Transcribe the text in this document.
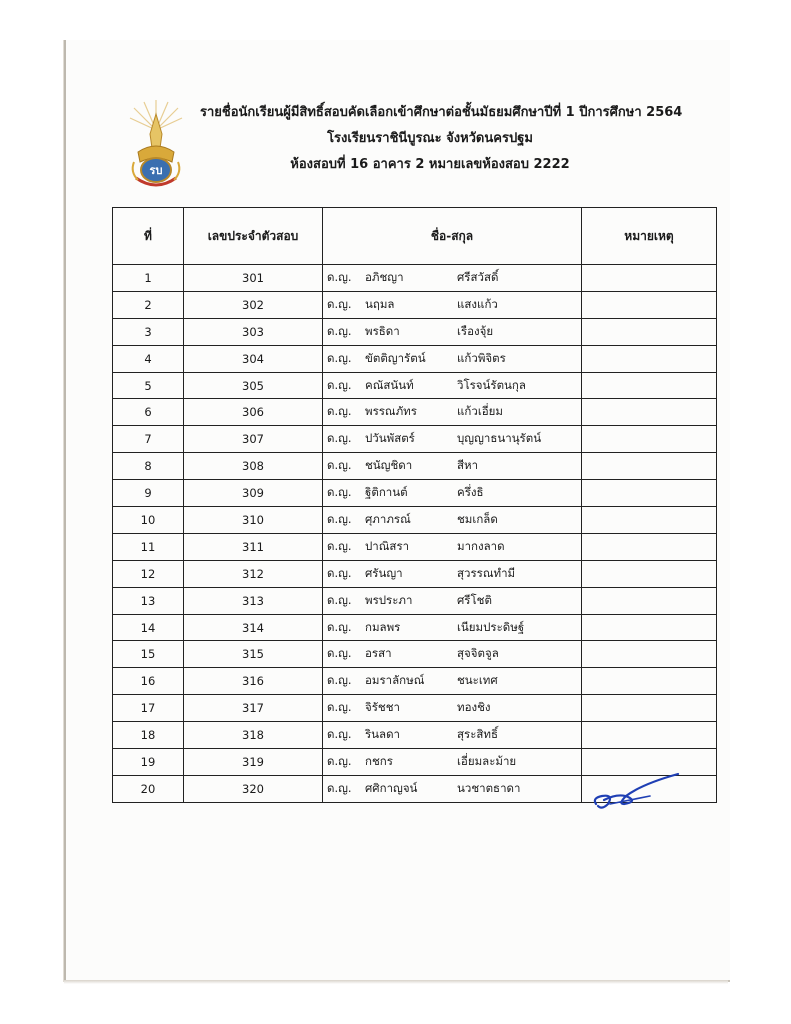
รบ
รายชื่อนักเรียนผู้มีสิทธิ์สอบคัดเลือกเข้าศึกษาต่อชั้นมัธยมศึกษาปีที่ 1 ปีการศึกษา 2564
โรงเรียนราชินีบูรณะ จังหวัดนครปฐม
ห้องสอบที่ 16 อาคาร 2 หมายเลขห้องสอบ 2222
ที่	เลขประจำตัวสอบ	ชื่อ-สกุล	หมายเหตุ
1	301	ด.ญ. อภิชญา ศรีสวัสดิ์	

2	302	ด.ญ. นฤมล แสงแก้ว	

3	303	ด.ญ. พรธิดา เรืองจุ้ย	

4	304	ด.ญ. ขัตติญารัตน์ แก้วพิจิตร	

5	305	ด.ญ. คณัสนันท์ วิโรจน์รัตนกุล	

6	306	ด.ญ. พรรณภัทร แก้วเอี่ยม	

7	307	ด.ญ. ปวันพัสตร์ บุญญาธนานุรัตน์	

8	308	ด.ญ. ชนัญชิดา สีหา	

9	309	ด.ญ. ฐิติกานต์ ครึ่งธิ	

10	310	ด.ญ. ศุภาภรณ์ ชมเกล็ด	

11	311	ด.ญ. ปาณิสรา มากงลาด	

12	312	ด.ญ. ศรันญา สุวรรณทำมี	

13	313	ด.ญ. พรประภา ศรีโชติ	

14	314	ด.ญ. กมลพร เนียมประดิษฐ์	

15	315	ด.ญ. อรสา สุจจิตจูล	

16	316	ด.ญ. อมราลักษณ์ ชนะเทศ	

17	317	ด.ญ. จิรัชชา ทองชิง	

18	318	ด.ญ. รินลดา สุระสิทธิ์	

19	319	ด.ญ. กชกร เอี่ยมละม้าย	

20	320	ด.ญ. ศศิกาญจน์ นวชาตธาดา	
